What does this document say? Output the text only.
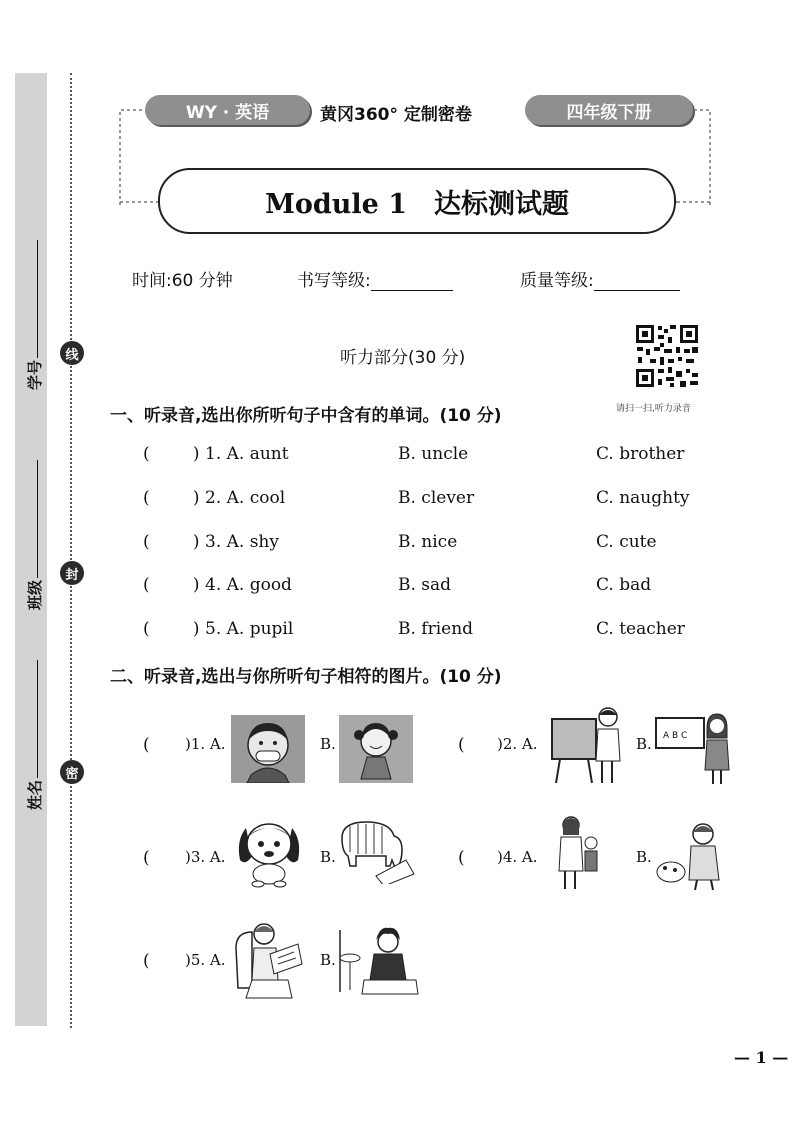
学号
班级
姓名
线
封
密
WY · 英语	黄冈360° 定制密卷	四年级下册
Module 1　达标测试题
时间:60 分钟	书写等级:	质量等级:
听力部分(30 分)
请扫一扫,听力录音
一、听录音,选出你所听句子中含有的单词。(10 分)
(        ) 1. A. aunt	B. uncle	C. brother
(        ) 2. A. cool	B. clever	C. naughty
(        ) 3. A. shy	B. nice	C. cute
(        ) 4. A. good	B. sad	C. bad
(        ) 5. A. pupil	B. friend	C. teacher
二、听录音,选出与你所听句子相符的图片。(10 分)
( )1. A.	B.	( )2. A.	B. A B C
( )3. A.	B.	( )4. A.	B.
( )5. A.	B.
— 1 —
